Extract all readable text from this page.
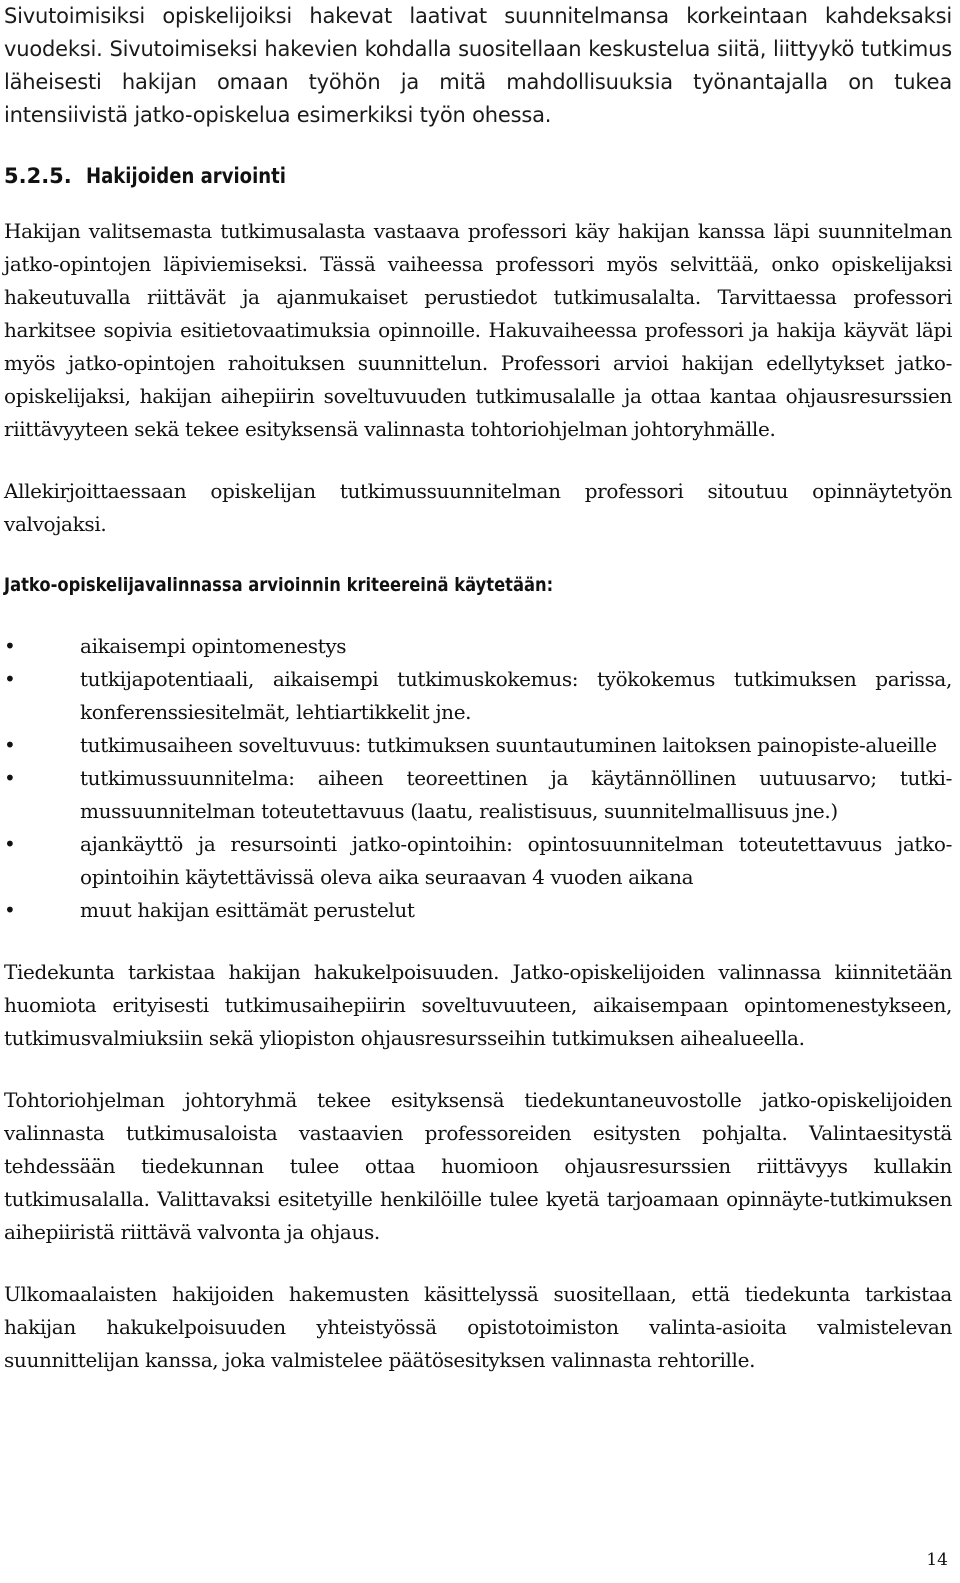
Sivutoimisiksi opiskelijoiksi hakevat laativat suunnitelmansa korkeintaan kahdeksaksi vuodeksi. Sivutoimiseksi hakevien kohdalla suositellaan keskustelua siitä, liittyykö tutkimus läheisesti hakijan omaan työhön ja mitä mahdollisuuksia työnantajalla on tukea intensiivistä jatko-opiskelua esimerkiksi työn ohessa.

5.2.5. Hakijoiden arviointi

Hakijan valitsemasta tutkimusalasta vastaava professori käy hakijan kanssa läpi suunnitelman jatko-opintojen läpiviemiseksi. Tässä vaiheessa professori myös selvittää, onko opiskelijaksi hakeutuvalla riittävät ja ajanmukaiset perustiedot tutkimusalalta. Tarvittaessa professori harkitsee sopivia esitietovaatimuksia opinnoille. Hakuvaiheessa professori ja hakija käyvät läpi myös jatko-opintojen rahoituksen suunnittelun. Professori arvioi hakijan edellytykset jatko-opiskelijaksi, hakijan aihepiirin soveltuvuuden tutkimusalalle ja ottaa kantaa ohjausresurssien riittävyyteen sekä tekee esityksensä valinnasta tohtoriohjelman johtoryhmälle.

Allekirjoittaessaan opiskelijan tutkimussuunnitelman professori sitoutuu opinnäytetyön valvojaksi.

Jatko-opiskelijavalinnassa arvioinnin kriteereinä käytetään:

•	aikaisempi opintomenestys
•	tutkijapotentiaali, aikaisempi tutkimuskokemus: työkokemus tutkimuksen parissa, konferenssiesitelmät, lehtiartikkelit jne.
•	tutkimusaiheen soveltuvuus: tutkimuksen suuntautuminen laitoksen painopiste-alueille
•	tutkimussuunnitelma: aiheen teoreettinen ja käytännöllinen uutuusarvo; tutki-mussuunnitelman toteutettavuus (laatu, realistisuus, suunnitelmallisuus jne.)
•	ajankäyttö ja resursointi jatko-opintoihin: opintosuunnitelman toteutettavuus jatko-opintoihin käytettävissä oleva aika seuraavan 4 vuoden aikana
•	muut hakijan esittämät perustelut

Tiedekunta tarkistaa hakijan hakukelpoisuuden. Jatko-opiskelijoiden valinnassa kiinnitetään huomiota erityisesti tutkimusaihepiirin soveltuvuuteen, aikaisempaan opintomenestykseen, tutkimusvalmiuksiin sekä yliopiston ohjausresursseihin tutkimuksen aihealueella.

Tohtoriohjelman johtoryhmä tekee esityksensä tiedekuntaneuvostolle jatko-opiskelijoiden valinnasta tutkimusaloista vastaavien professoreiden esitysten pohjalta. Valintaesitystä tehdessään tiedekunnan tulee ottaa huomioon ohjausresurssien riittävyys kullakin tutkimusalalla. Valittavaksi esitetyille henkilöille tulee kyetä tarjoamaan opinnäyte-tutkimuksen aihepiiristä riittävä valvonta ja ohjaus.

Ulkomaalaisten hakijoiden hakemusten käsittelyssä suositellaan, että tiedekunta tarkistaa hakijan hakukelpoisuuden yhteistyössä opistotoimiston valinta-asioita valmistelevan suunnittelijan kanssa, joka valmistelee päätösesityksen valinnasta rehtorille.

14
